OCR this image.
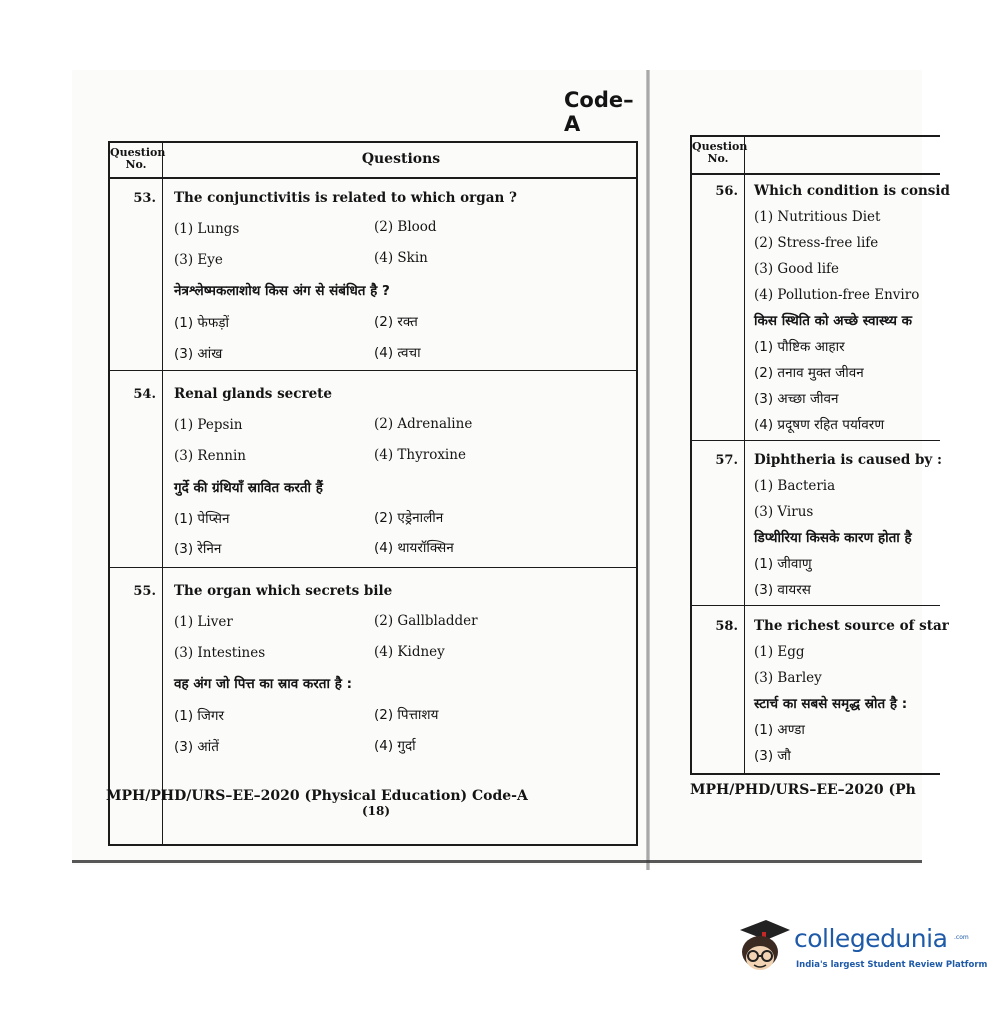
Code–A
Question No.	Questions
53. The conjunctivitis is related to which organ ?
(1) Lungs	(2) Blood
(3) Eye	(4) Skin
नेत्रश्लेष्मकलाशोथ किस अंग से संबंधित है ?
(1) फेफड़ों	(2) रक्त
(3) आंख	(4) त्वचा
54. Renal glands secrete
(1) Pepsin	(2) Adrenaline
(3) Rennin	(4) Thyroxine
गुर्दे की ग्रंथियाँ स्रावित करती हैं
(1) पेप्सिन	(2) एड्रेनालीन
(3) रेनिन	(4) थायरॉक्सिन
55. The organ which secrets bile
(1) Liver	(2) Gallbladder
(3) Intestines	(4) Kidney
वह अंग जो पित्त का स्राव करता है :
(1) जिगर	(2) पित्ताशय
(3) आंतें	(4) गुर्दा
MPH/PHD/URS–EE–2020 (Physical Education) Code-A
(18)
Question No.
56. Which condition is consid
(1) Nutritious Diet
(2) Stress-free life
(3) Good life
(4) Pollution-free Enviro
किस स्थिति को अच्छे स्वास्थ्य क
(1) पौष्टिक आहार
(2) तनाव मुक्त जीवन
(3) अच्छा जीवन
(4) प्रदूषण रहित पर्यावरण
57. Diphtheria is caused by :
(1) Bacteria
(3) Virus
डिप्थीरिया किसके कारण होता है
(1) जीवाणु
(3) वायरस
58. The richest source of star
(1) Egg
(3) Barley
स्टार्च का सबसे समृद्ध स्रोत है :
(1) अण्डा
(3) जौ
MPH/PHD/URS–EE–2020 (Ph
collegedunia .com
India's largest Student Review Platform
